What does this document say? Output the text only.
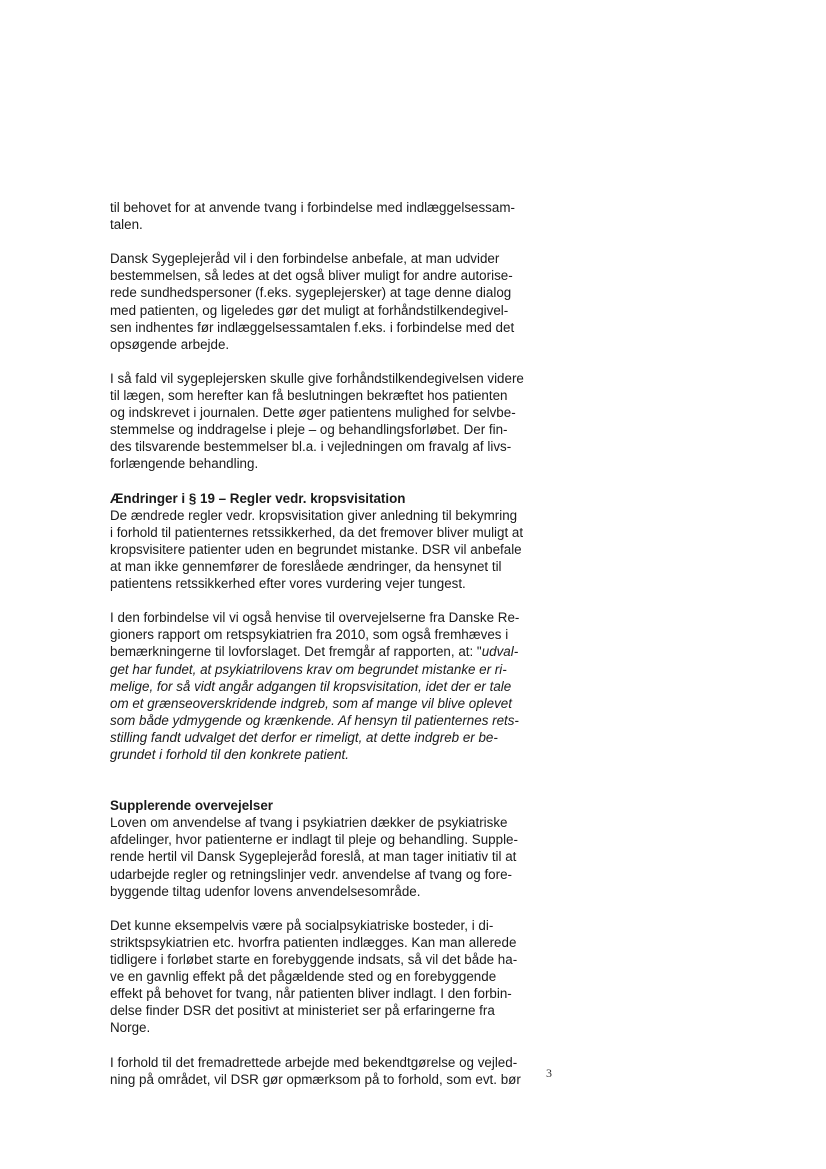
til behovet for at anvende tvang i forbindelse med indlæggelsessam-
talen.
Dansk Sygeplejeråd vil i den forbindelse anbefale, at man udvider
bestemmelsen, så ledes at det også bliver muligt for andre autorise-
rede sundhedspersoner (f.eks. sygeplejersker) at tage denne dialog
med patienten, og ligeledes gør det muligt at forhåndstilkendegivel-
sen indhentes før indlæggelsessamtalen f.eks. i forbindelse med det
opsøgende arbejde.
I så fald vil sygeplejersken skulle give forhåndstilkendegivelsen videre
til lægen, som herefter kan få beslutningen bekræftet hos patienten
og indskrevet i journalen. Dette øger patientens mulighed for selvbe-
stemmelse og inddragelse i pleje – og behandlingsforløbet. Der fin-
des tilsvarende bestemmelser bl.a. i vejledningen om fravalg af livs-
forlængende behandling.
Ændringer i § 19 – Regler vedr. kropsvisitation
De ændrede regler vedr. kropsvisitation giver anledning til bekymring
i forhold til patienternes retssikkerhed, da det fremover bliver muligt at
kropsvisitere patienter uden en begrundet mistanke. DSR vil anbefale
at man ikke gennemfører de foreslåede ændringer, da hensynet til
patientens retssikkerhed efter vores vurdering vejer tungest.
I den forbindelse vil vi også henvise til overvejelserne fra Danske Re-
gioners rapport om retspsykiatrien fra 2010, som også fremhæves i
bemærkningerne til lovforslaget. Det fremgår af rapporten, at: "udval-
get har fundet, at psykiatrilovens krav om begrundet mistanke er ri-
melige, for så vidt angår adgangen til kropsvisitation, idet der er tale
om et grænseoverskridende indgreb, som af mange vil blive oplevet
som både ydmygende og krænkende. Af hensyn til patienternes rets-
stilling fandt udvalget det derfor er rimeligt, at dette indgreb er be-
grundet i forhold til den konkrete patient.
Supplerende overvejelser
Loven om anvendelse af tvang i psykiatrien dækker de psykiatriske
afdelinger, hvor patienterne er indlagt til pleje og behandling. Supple-
rende hertil vil Dansk Sygeplejeråd foreslå, at man tager initiativ til at
udarbejde regler og retningslinjer vedr. anvendelse af tvang og fore-
byggende tiltag udenfor lovens anvendelsesområde.
Det kunne eksempelvis være på socialpsykiatriske bosteder, i di-
striktspsykiatrien etc. hvorfra patienten indlægges. Kan man allerede
tidligere i forløbet starte en forebyggende indsats, så vil det både ha-
ve en gavnlig effekt på det pågældende sted og en forebyggende
effekt på behovet for tvang, når patienten bliver indlagt. I den forbin-
delse finder DSR det positivt at ministeriet ser på erfaringerne fra
Norge.
I forhold til det fremadrettede arbejde med bekendtgørelse og vejled-
ning på området, vil DSR gør opmærksom på to forhold, som evt. bør	3
